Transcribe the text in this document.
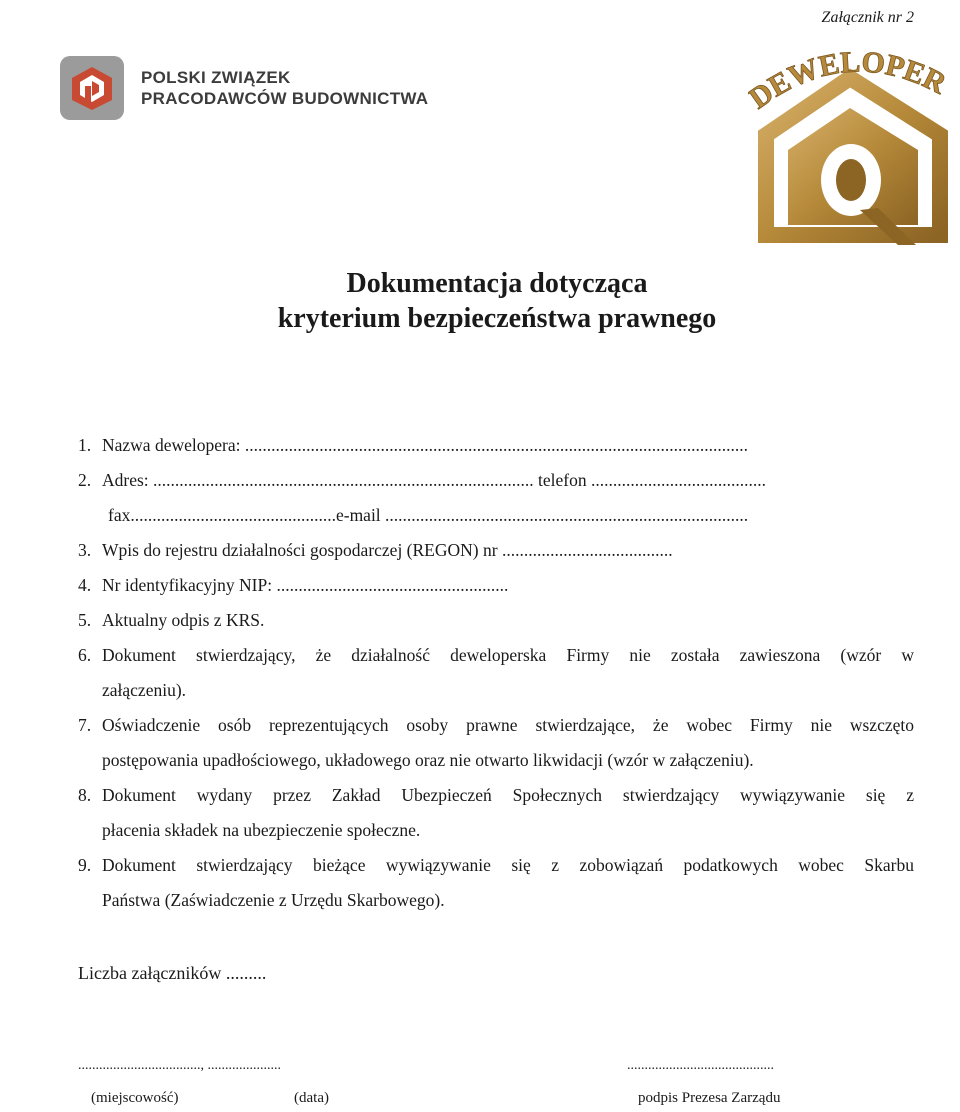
Załącznik nr 2
POLSKI ZWIĄZEK
PRACODAWCÓW BUDOWNICTWA	EWELOPER
Dokumentacja dotycząca
kryterium bezpieczeństwa prawnego
1. Nazwa dewelopera: ...................................................................................................................
2. Adres: ....................................................................................... telefon ........................................
fax...............................................e-mail ...................................................................................
3. Wpis do rejestru działalności gospodarczej (REGON) nr .......................................
4. Nr identyfikacyjny NIP: .....................................................
5. Aktualny odpis z KRS.
6. Dokument stwierdzający, że działalność deweloperska Firmy nie została zawieszona (wzór w
załączeniu).
7. Oświadczenie osób reprezentujących osoby prawne stwierdzające, że wobec Firmy nie wszczęto
postępowania upadłościowego, układowego oraz nie otwarto likwidacji (wzór w załączeniu).
8. Dokument wydany przez Zakład Ubezpieczeń Społecznych stwierdzający wywiązywanie się z
płacenia składek na ubezpieczenie społeczne.
9. Dokument stwierdzający bieżące wywiązywanie się z zobowiązań podatkowych wobec Skarbu
Państwa (Zaświadczenie z Urzędu Skarbowego).
Liczba załączników .........
..................................., .....................	..........................................
(miejscowość)	(data)	podpis Prezesa Zarządu
